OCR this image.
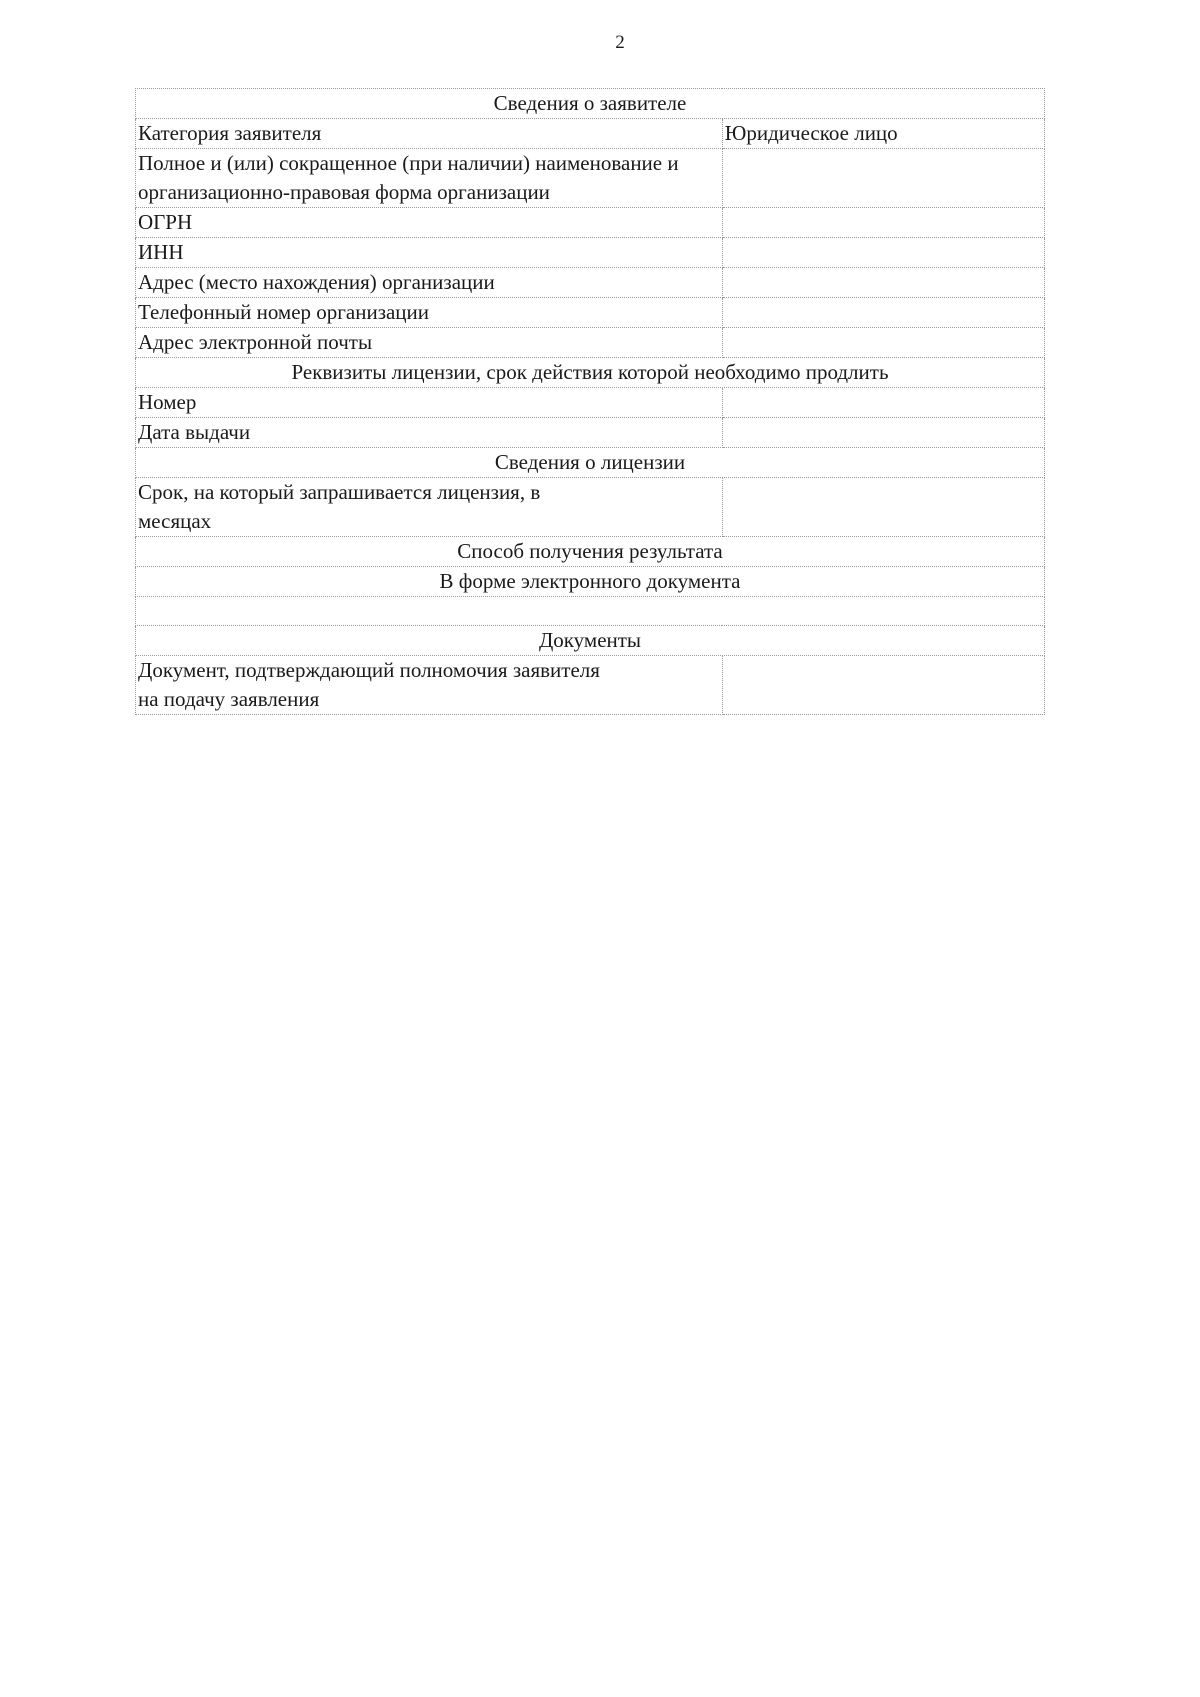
2
Сведения о заявителе	
Категория заявителя	Юридическое лицо
Полное и (или) сокращенное (при наличии) наименование и организационно-правовая форма организации	
ОГРН	
ИНН	
Адрес (место нахождения) организации	
Телефонный номер организации	
Адрес электронной почты	
Реквизиты лицензии, срок действия которой необходимо продлить	
Номер	
Дата выдачи	
Сведения о лицензии	
Срок, на который запрашивается лицензия, в месяцах	
Способ получения результата	
В форме электронного документа	

Документы	
Документ, подтверждающий полномочия заявителя на подачу заявления	
